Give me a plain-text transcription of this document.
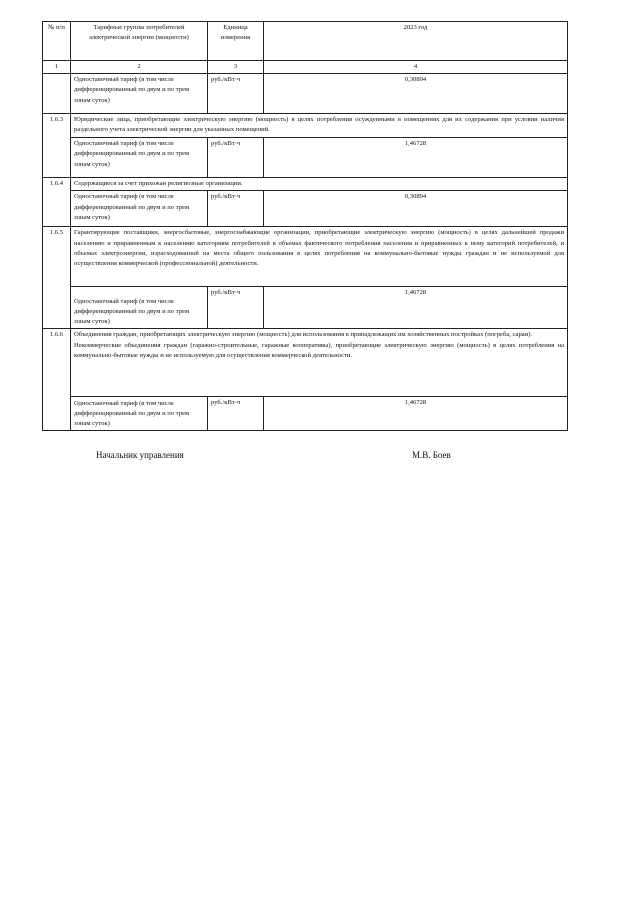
№ п/п	Тарифные группы потребителей электрической энергии (мощности)	Единица измерения	2023 год
1	2	3	4
	Одноставочный тариф (в том числе дифференцированный по двум и по трем зонам суток)	руб./кВт·ч	0,30894
1.6.3	Юридические лица, приобретающие электрическую энергию (мощность) в целях потребления осужденными в помещениях для их содержания при условии наличия раздельного учета электрической энергии для указанных помещений.		
	Одноставочный тариф (в том числе дифференцированный по двум и по трем зонам суток)	руб./кВт·ч	1,46728
1.6.4	Содержащиеся за счет прихожан религиозные организации.		
	Одноставочный тариф (в том числе дифференцированный по двум и по трем зонам суток)	руб./кВт·ч	0,30894
1.6.5	Гарантирующие поставщики, энергосбытовые, энергоснабжающие организации, приобретающие электрическую энергию (мощность) в целях дальнейшей продажи населению и приравненным к населению категориям потребителей в объемах фактического потребления населения и приравненных к нему категорий потребителей, и объемах электроэнергии, израсходованной на места общего пользования в целях потребления на коммунально-бытовые нужды граждан и не используемой для осуществления коммерческой (профессиональной) деятельности.		
	Одноставочный тариф (в том числе дифференцированный по двум и по трем зонам суток)	руб./кВт·ч	1,46728
1.6.6	Объединения граждан, приобретающих электрическую энергию (мощность) для использования в принадлежащих им хозяйственных постройках (погреба, сараи).
Некоммерческие объединения граждан (гаражно-строительные, гаражные кооперативы), приобретающие электрическую энергию (мощность) в целях потребления на коммунально-бытовые нужды и не используемую для осуществления коммерческой деятельности.		

	Одноставочный тариф (в том числе дифференцированный по двум и по трем зонам суток)	руб./кВт·ч	1,46728
Начальник управления	М.В. Боев
